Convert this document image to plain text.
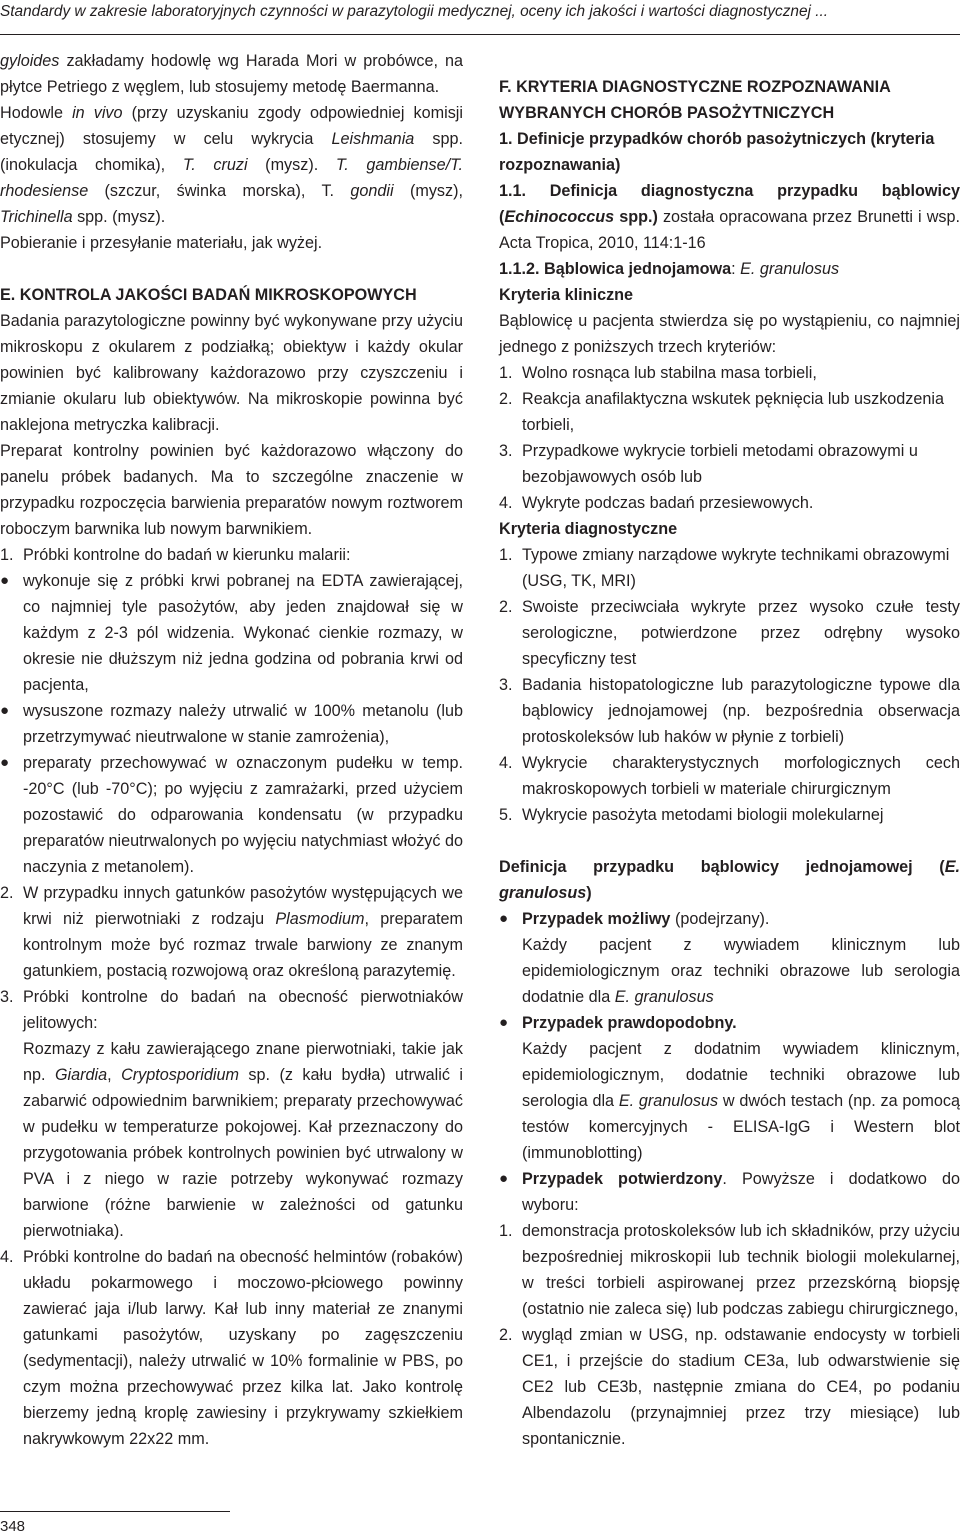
Standardy w zakresie laboratoryjnych czynności w parazytologii medycznej, oceny ich jakości i wartości diagnostycznej ...

gyloides zakładamy hodowlę wg Harada Mori w probówce, na płytce Petriego z węglem, lub stosujemy metodę Baermanna.

Hodowle in vivo (przy uzyskaniu zgody odpowiedniej komisji etycznej) stosujemy w celu wykrycia Leishmania spp. (inokulacja chomika), T. cruzi (mysz). T. gambiense/T. rhodesiense (szczur, świnka morska), T. gondii (mysz), Trichinella spp. (mysz).

Pobieranie i przesyłanie materiału, jak wyżej.

E. KONTROLA JAKOŚCI BADAŃ MIKROSKOPOWYCH

Badania parazytologiczne powinny być wykonywane przy użyciu mikroskopu z okularem z podziałką; obiektyw i każdy okular powinien być kalibrowany każdorazowo przy czyszczeniu i zmianie okularu lub obiektywów. Na mikroskopie powinna być naklejona metryczka kalibracji.

Preparat kontrolny powinien być każdorazowo włączony do panelu próbek badanych. Ma to szczególne znaczenie w przypadku rozpoczęcia barwienia preparatów nowym roztworem roboczym barwnika lub nowym barwnikiem.

1. Próbki kontrolne do badań w kierunku malarii:

● wykonuje się z próbki krwi pobranej na EDTA zawierającej, co najmniej tyle pasożytów, aby jeden znajdował się w każdym z 2-3 pól widzenia. Wykonać cienkie rozmazy, w okresie nie dłuższym niż jedna godzina od pobrania krwi od pacjenta,
● wysuszone rozmazy należy utrwalić w 100% metanolu (lub przetrzymywać nieutrwalone w stanie zamrożenia),
● preparaty przechowywać w oznaczonym pudełku w temp. -20°C (lub -70°C); po wyjęciu z zamrażarki, przed użyciem pozostawić do odparowania kondensatu (w przypadku preparatów nieutrwalonych po wyjęciu natychmiast włożyć do naczynia z metanolem).
2. W przypadku innych gatunków pasożytów występujących we krwi niż pierwotniaki z rodzaju Plasmodium, preparatem kontrolnym może być rozmaz trwale barwiony ze znanym gatunkiem, postacią rozwojową oraz określoną parazytemię.
3. Próbki kontrolne do badań na obecność pierwotniaków jelitowych:

Rozmazy z kału zawierającego znane pierwotniaki, takie jak np. Giardia, Cryptosporidium sp. (z kału bydła) utrwalić i zabarwić odpowiednim barwnikiem; preparaty przechowywać w pudełku w temperaturze pokojowej. Kał przeznaczony do przygotowania próbek kontrolnych powinien być utrwalony w PVA i z niego w razie potrzeby wykonywać rozmazy barwione (różne barwienie w zależności od gatunku pierwotniaka).

4. Próbki kontrolne do badań na obecność helmintów (robaków) układu pokarmowego i moczowo-płciowego powinny zawierać jaja i/lub larwy. Kał lub inny materiał ze znanymi gatunkami pasożytów, uzyskany po zagęszczeniu (sedymentacji), należy utrwalić w 10% formalinie w PBS, po czym można przechowywać przez kilka lat. Jako kontrolę bierzemy jedną kroplę zawiesiny i przykrywamy szkiełkiem nakrywkowym 22x22 mm.

F. KRYTERIA DIAGNOSTYCZNE ROZPOZNAWANIA WYBRANYCH CHORÓB PASOŻYTNICZYCH

1. Definicje przypadków chorób pasożytniczych (kryteria rozpoznawania)

1.1. Definicja diagnostyczna przypadku bąblowicy (Echinococcus spp.) została opracowana przez Brunetti i wsp. Acta Tropica, 2010, 114:1-16

1.1.2. Bąblowica jednojamowa: E. granulosus

Kryteria kliniczne

Bąblowicę u pacjenta stwierdza się po wystąpieniu, co najmniej jednego z poniższych trzech kryteriów:

1. Wolno rosnąca lub stabilna masa torbieli,
2. Reakcja anafilaktyczna wskutek pęknięcia lub uszkodzenia torbieli,
3. Przypadkowe wykrycie torbieli metodami obrazowymi u bezobjawowych osób lub
4. Wykryte podczas badań przesiewowych.

Kryteria diagnostyczne

1. Typowe zmiany narządowe wykryte technikami obrazowymi (USG, TK, MRI)
2. Swoiste przeciwciała wykryte przez wysoko czułe testy serologiczne, potwierdzone przez odrębny wysoko specyficzny test
3. Badania histopatologiczne lub parazytologiczne typowe dla bąblowicy jednojamowej (np. bezpośrednia obserwacja protoskoleksów lub haków w płynie z torbieli)
4. Wykrycie charakterystycznych morfologicznych cech makroskopowych torbieli w materiale chirurgicznym
5. Wykrycie pasożyta metodami biologii molekularnej

Definicja przypadku bąblowicy jednojamowej (E. granulosus)

● Przypadek możliwy (podejrzany).

Każdy pacjent z wywiadem klinicznym lub epidemiologicznym oraz techniki obrazowe lub serologia dodatnie dla E. granulosus

● Przypadek prawdopodobny.

Każdy pacjent z dodatnim wywiadem klinicznym, epidemiologicznym, dodatnie techniki obrazowe lub serologia dla E. granulosus w dwóch testach (np. za pomocą testów komercyjnych - ELISA-IgG i Western blot (immunoblotting)

● Przypadek potwierdzony. Powyższe i dodatkowo do wyboru:
1. demonstracja protoskoleksów lub ich składników, przy użyciu bezpośredniej mikroskopii lub technik biologii molekularnej, w treści torbieli aspirowanej przez przezskórną biopsję (ostatnio nie zaleca się) lub podczas zabiegu chirurgicznego,
2. wygląd zmian w USG, np. odstawanie endocysty w torbieli CE1, i przejście do stadium CE3a, lub odwarstwienie się CE2 lub CE3b, następnie zmiana do CE4, po podaniu Albendazolu (przynajmniej przez trzy miesiące) lub spontanicznie.
348
